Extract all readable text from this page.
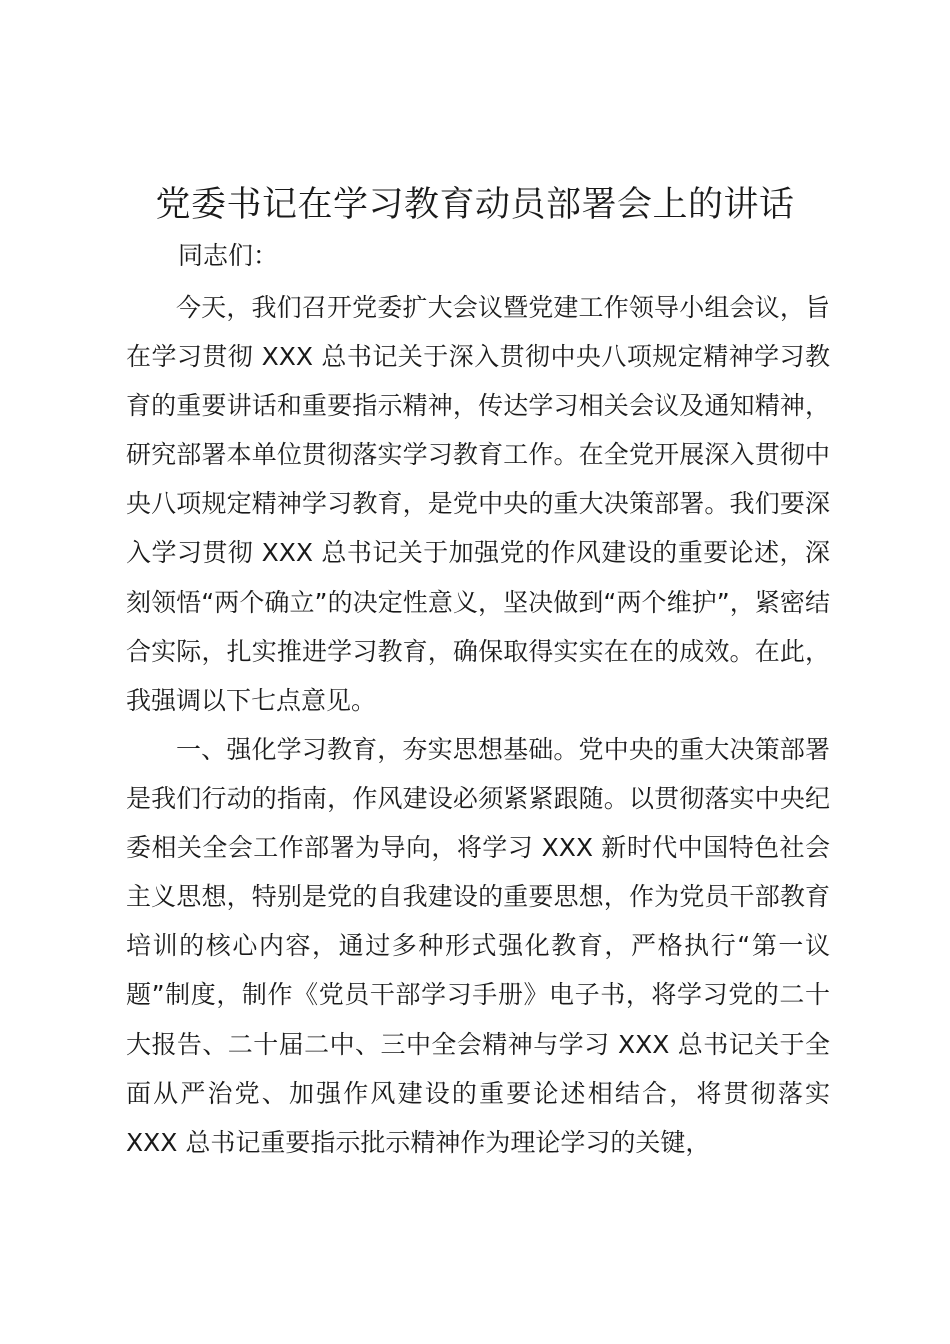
党委书记在学习教育动员部署会上的讲话
同志们：

今天，我们召开党委扩大会议暨党建工作领导小组会议，旨在学习贯彻 XXX 总书记关于深入贯彻中央八项规定精神学习教育的重要讲话和重要指示精神，传达学习相关会议及通知精神，研究部署本单位贯彻落实学习教育工作。在全党开展深入贯彻中央八项规定精神学习教育，是党中央的重大决策部署。我们要深入学习贯彻 XXX 总书记关于加强党的作风建设的重要论述，深刻领悟“两个确立”的决定性意义，坚决做到“两个维护”，紧密结合实际，扎实推进学习教育，确保取得实实在在的成效。在此，我强调以下七点意见。

一、强化学习教育，夯实思想基础。党中央的重大决策部署是我们行动的指南，作风建设必须紧紧跟随。以贯彻落实中央纪委相关全会工作部署为导向，将学习 XXX 新时代中国特色社会主义思想，特别是党的自我建设的重要思想，作为党员干部教育培训的核心内容，通过多种形式强化教育，严格执行“第一议题”制度，制作《党员干部学习手册》电子书，将学习党的二十大报告、二十届二中、三中全会精神与学习 XXX 总书记关于全面从严治党、加强作风建设的重要论述相结合，将贯彻落实 XXX 总书记重要指示批示精神作为理论学习的关键，
